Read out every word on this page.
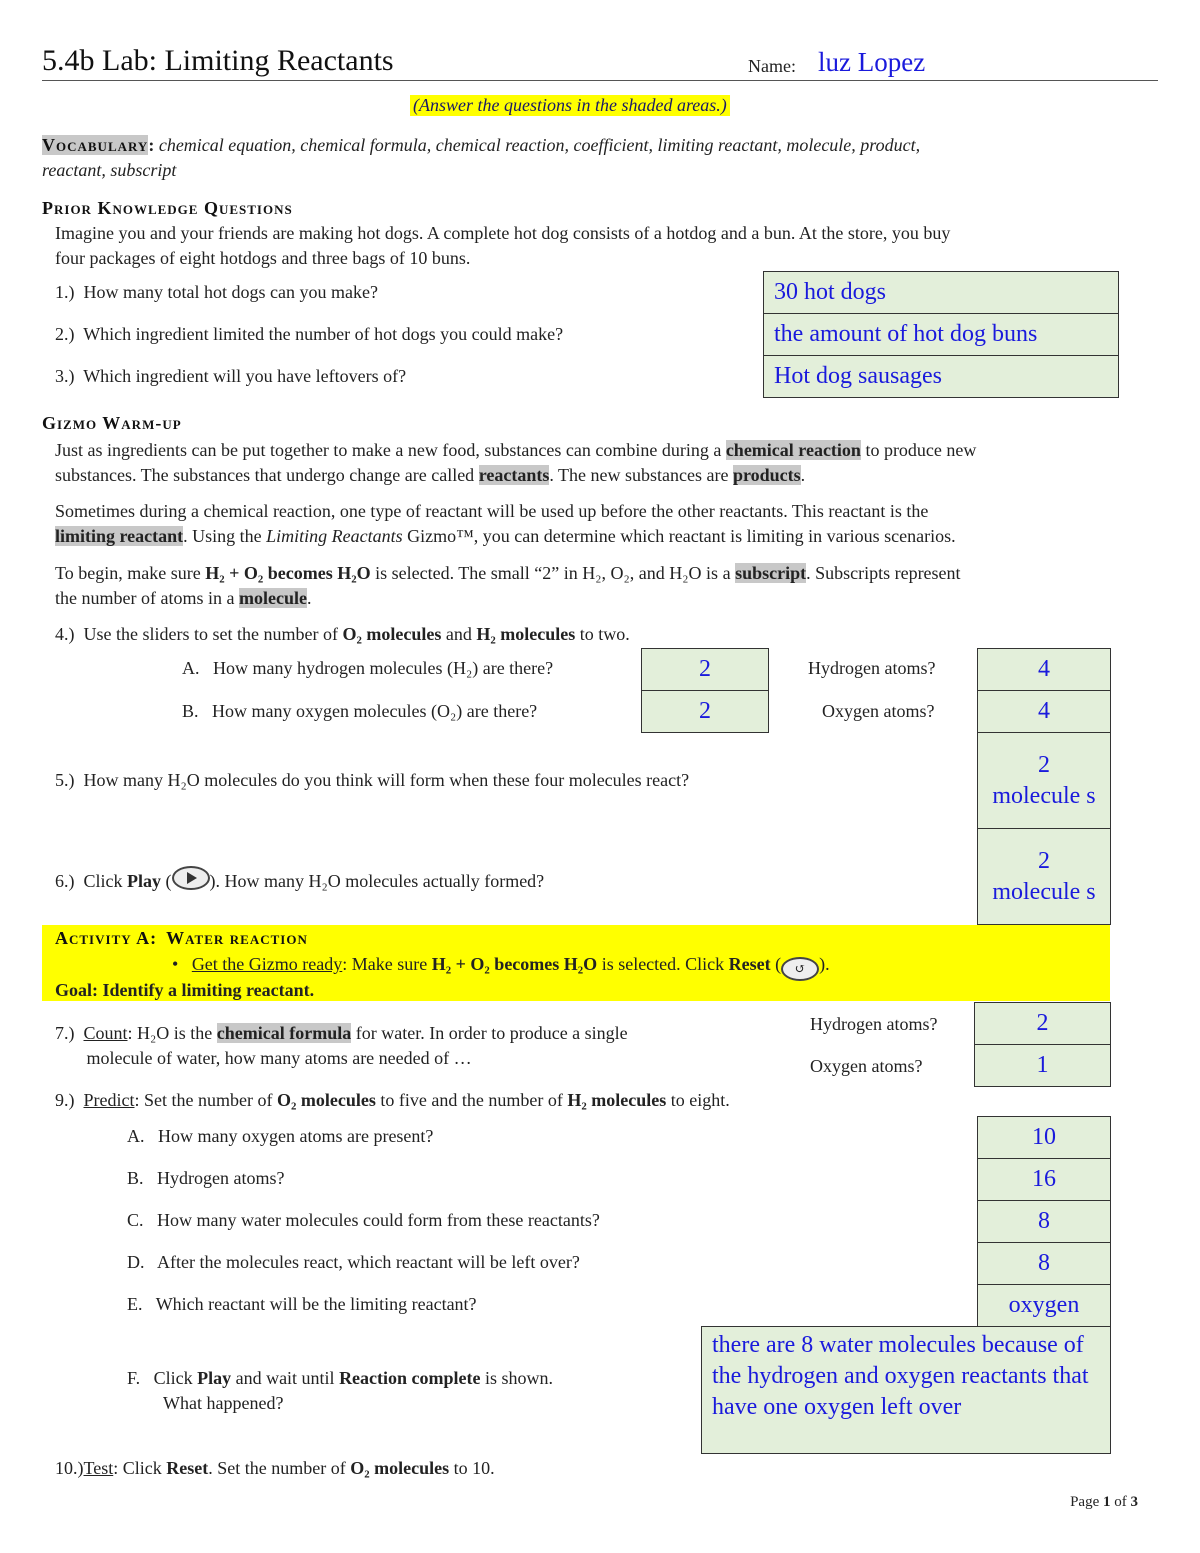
5.4b Lab: Limiting Reactants	Name: luz Lopez
(Answer the questions in the shaded areas.)
Vocabulary: chemical equation, chemical formula, chemical reaction, coefficient, limiting reactant, molecule, product,
reactant, subscript
Prior Knowledge Questions
Imagine you and your friends are making hot dogs. A complete hot dog consists of a hotdog and a bun. At the store, you buy
four packages of eight hotdogs and three bags of 10 buns.
1.) How many total hot dogs can you make?
2.) Which ingredient limited the number of hot dogs you could make?
3.) Which ingredient will you have leftovers of?
30 hot dogs
the amount of hot dog buns
Hot dog sausages
Gizmo Warm-up
Just as ingredients can be put together to make a new food, substances can combine during a chemical reaction to produce new
substances. The substances that undergo change are called reactants. The new substances are products.
Sometimes during a chemical reaction, one type of reactant will be used up before the other reactants. This reactant is the
limiting reactant. Using the Limiting Reactants Gizmo™, you can determine which reactant is limiting in various scenarios.
To begin, make sure H₂ + O₂ becomes H₂O is selected. The small “2” in H₂, O₂, and H₂O is a subscript. Subscripts represent
the number of atoms in a molecule.
4.) Use the sliders to set the number of O₂ molecules and H₂ molecules to two.
A. How many hydrogen molecules (H₂) are there?
B. How many oxygen molecules (O₂) are there?
2
2
Hydrogen atoms?
Oxygen atoms?
4
4
5.) How many H₂O molecules do you think will form when these four molecules react?
2 molecule s
6.) Click Play ( ). How many H₂O molecules actually formed?
2 molecule s
Activity A: Water reaction
• Get the Gizmo ready: Make sure H₂ + O₂ becomes H₂O is selected. Click Reset ( ↺ ).
Goal: Identify a limiting reactant.
7.) Count: H₂O is the chemical formula for water. In order to produce a single
molecule of water, how many atoms are needed of …
Hydrogen atoms?
Oxygen atoms?
2
1
9.) Predict: Set the number of O₂ molecules to five and the number of H₂ molecules to eight.
A. How many oxygen atoms are present?
B. Hydrogen atoms?
C. How many water molecules could form from these reactants?
D. After the molecules react, which reactant will be left over?
E. Which reactant will be the limiting reactant?
10
16
8
8
oxygen
F. Click Play and wait until Reaction complete is shown.
What happened?
there are 8 water molecules because of the hydrogen and oxygen reactants that have one oxygen left over
10.)Test: Click Reset. Set the number of O₂ molecules to 10.
Page 1 of 3
